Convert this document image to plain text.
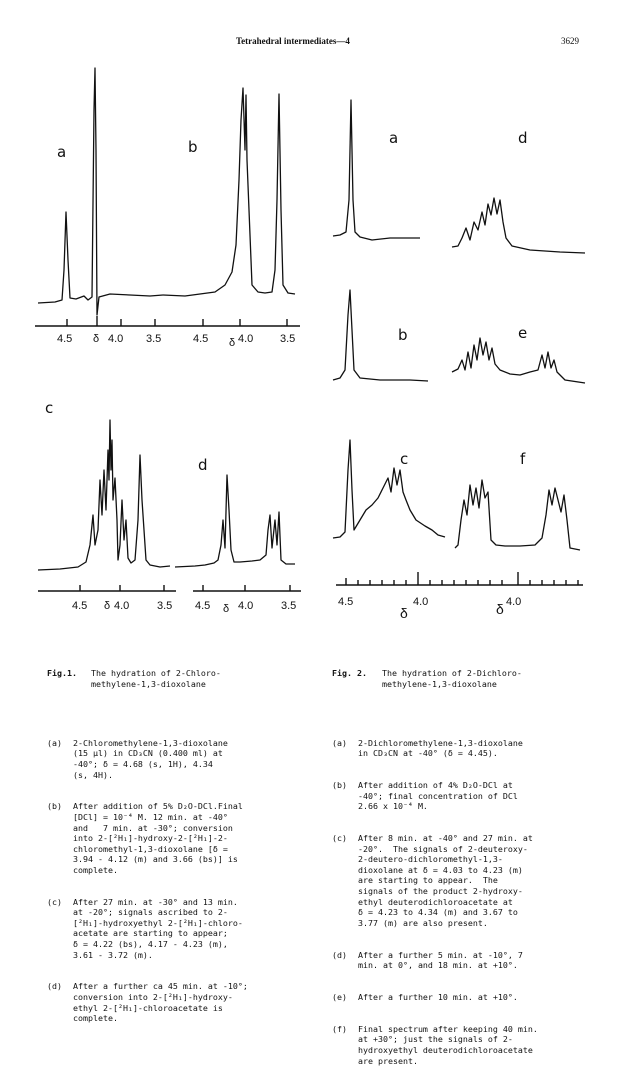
Tetrahedral intermediates—4	3629
a	b
c
d
4.5 δ 4.0 3.5	4.5 δ 4.0 3.5
4.5 δ 4.0	3.5 4.5 δ 4.0	3.5
a	d
b	e
c	f
4.5	4.0
δ
4.0
δ

Fig.1.	The hydration of 2-Chloro-
methylene-1,3-dioxolane

(a)	2-Chloromethylene-1,3-dioxolane
(15 μl) in CD₃CN (0.400 ml) at
-40°; δ = 4.68 (s, 1H), 4.34
(s, 4H).

(b)	After addition of 5% D₂O-DCl.Final
[DCl] = 10⁻⁴ M. 12 min. at -40°
and   7 min. at -30°; conversion
into 2-[²H₁]-hydroxy-2-[²H₁]-2-
chloromethyl-1,3-dioxolane [δ =
3.94 - 4.12 (m) and 3.66 (bs)] is
complete.

(c)	After 27 min. at -30° and 13 min.
at -20°; signals ascribed to 2-
[²H₁]-hydroxyethyl 2-[²H₁]-chloro-
acetate are starting to appear;
δ = 4.22 (bs), 4.17 - 4.23 (m),
3.61 - 3.72 (m).

(d)	After a further ca 45 min. at -10°;
conversion into 2-[²H₁]-hydroxy-
ethyl 2-[²H₁]-chloroacetate is
complete.

Fig. 2.	The hydration of 2-Dichloro-
methylene-1,3-dioxolane

(a)	2-Dichloromethylene-1,3-dioxolane
in CD₃CN at -40° (δ = 4.45).

(b)	After addition of 4% D₂O-DCl at
-40°; final concentration of DCl
2.66 x 10⁻⁴ M.

(c)	After 8 min. at -40° and 27 min. at
-20°.  The signals of 2-deuteroxy-
2-deutero-dichloromethyl-1,3-
dioxolane at δ = 4.03 to 4.23 (m)
are starting to appear.  The
signals of the product 2-hydroxy-
ethyl deuterodichloroacetate at
δ = 4.23 to 4.34 (m) and 3.67 to
3.77 (m) are also present.

(d)	After a further 5 min. at -10°, 7
min. at 0°, and 18 min. at +10°.

(e)	After a further 10 min. at +10°.

(f)	Final spectrum after keeping 40 min.
at +30°; just the signals of 2-
hydroxyethyl deuterodichloroacetate
are present.
